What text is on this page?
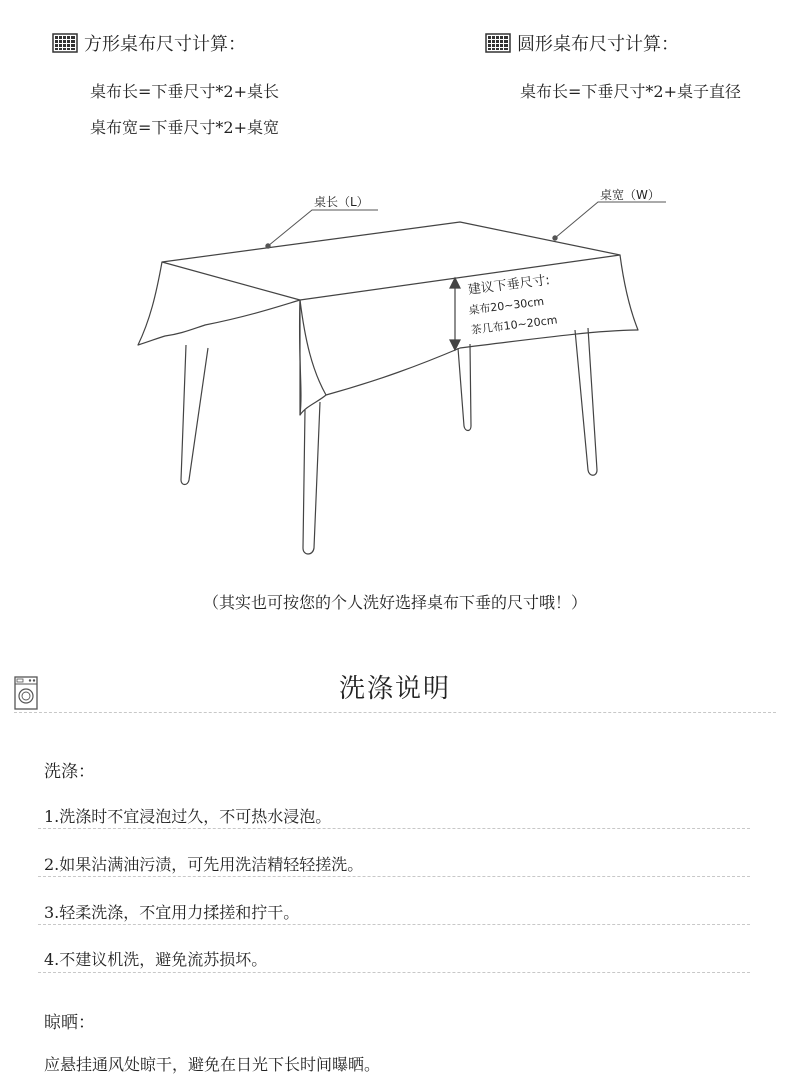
方形桌布尺寸计算：
桌布长=下垂尺寸*2+桌长
桌布宽=下垂尺寸*2+桌宽
圆形桌布尺寸计算：
桌布长=下垂尺寸*2+桌子直径
桌长（L）	桌宽（W）
建议下垂尺寸:
桌布20~30cm
茶几布10~20cm
（其实也可按您的个人洗好选择桌布下垂的尺寸哦！）
洗涤说明
洗涤：
1.洗涤时不宜浸泡过久，不可热水浸泡。
2.如果沾满油污渍，可先用洗洁精轻轻搓洗。
3.轻柔洗涤，不宜用力揉搓和拧干。
4.不建议机洗，避免流苏损坏。
晾晒：
应悬挂通风处晾干，避免在日光下长时间曝晒。
